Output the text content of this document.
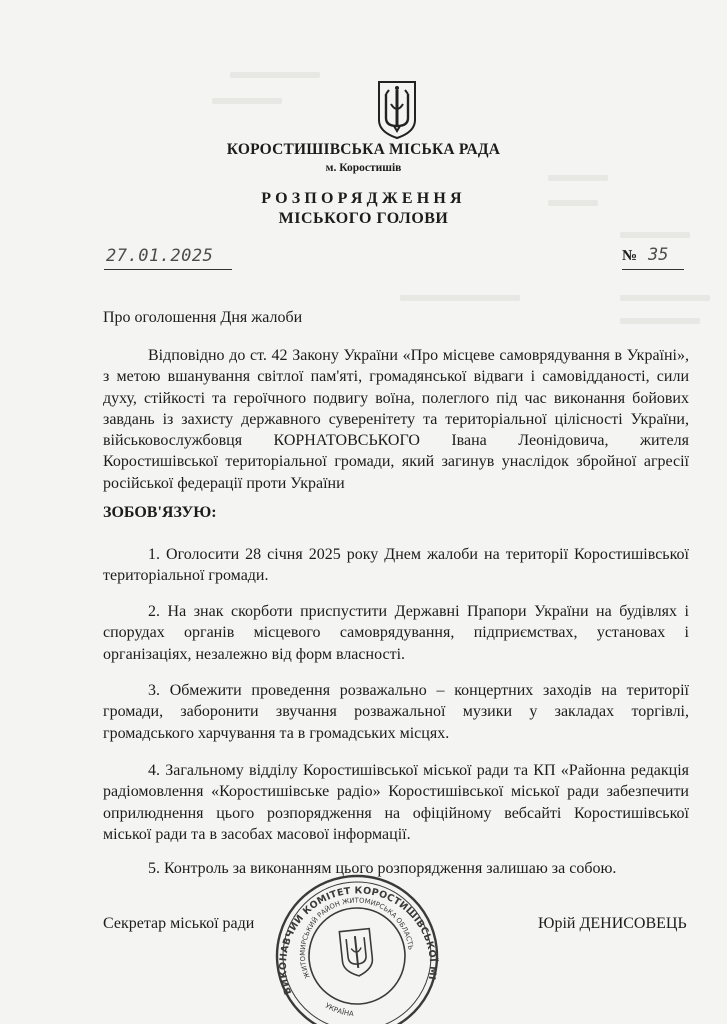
КОРОСТИШІВСЬКА МІСЬКА РАДА
м. Коростишів
РОЗПОРЯДЖЕННЯ
МІСЬКОГО ГОЛОВИ
27.01.2025	№ 35
Про оголошення Дня жалоби
Відповідно до ст. 42 Закону України «Про місцеве самоврядування в Україні», з метою вшанування світлої пам'яті, громадянської відваги і самовідданості, сили духу, стійкості та героїчного подвигу воїна, полеглого під час виконання бойових завдань із захисту державного суверенітету та територіальної цілісності України, військовослужбовця КОРНАТОВСЬКОГО Івана Леонідовича, жителя Коростишівської територіальної громади, який загинув унаслідок збройної агресії російської федерації проти України
ЗОБОВ'ЯЗУЮ:
1. Оголосити 28 січня 2025 року Днем жалоби на території Коростишівської територіальної громади.
2. На знак скорботи приспустити Державні Прапори України на будівлях і спорудах органів місцевого самоврядування, підприємствах, установах і організаціях, незалежно від форм власності.
3. Обмежити проведення розважально – концертних заходів на території громади, заборонити звучання розважальної музики у закладах торгівлі, громадського харчування та в громадських місцях.
4. Загальному відділу Коростишівської міської ради та КП «Районна редакція радіомовлення «Коростишівське радіо» Коростишівської міської ради забезпечити оприлюднення цього розпорядження на офіційному вебсайті Коростишівської міської ради та в засобах масової інформації.
5. Контроль за виконанням цього розпорядження залишаю за собою.
Секретар міської ради	Юрій ДЕНИСОВЕЦЬ
ВИКОНАВЧИЙ КОМІТЕТ КОРОСТИШІВСЬКОЇ МІСЬКОЇ
ЖИТОМИРСЬКИЙ РАЙОН ЖИТОМИРСЬКА ОБЛАСТЬ
УКРАЇНА
